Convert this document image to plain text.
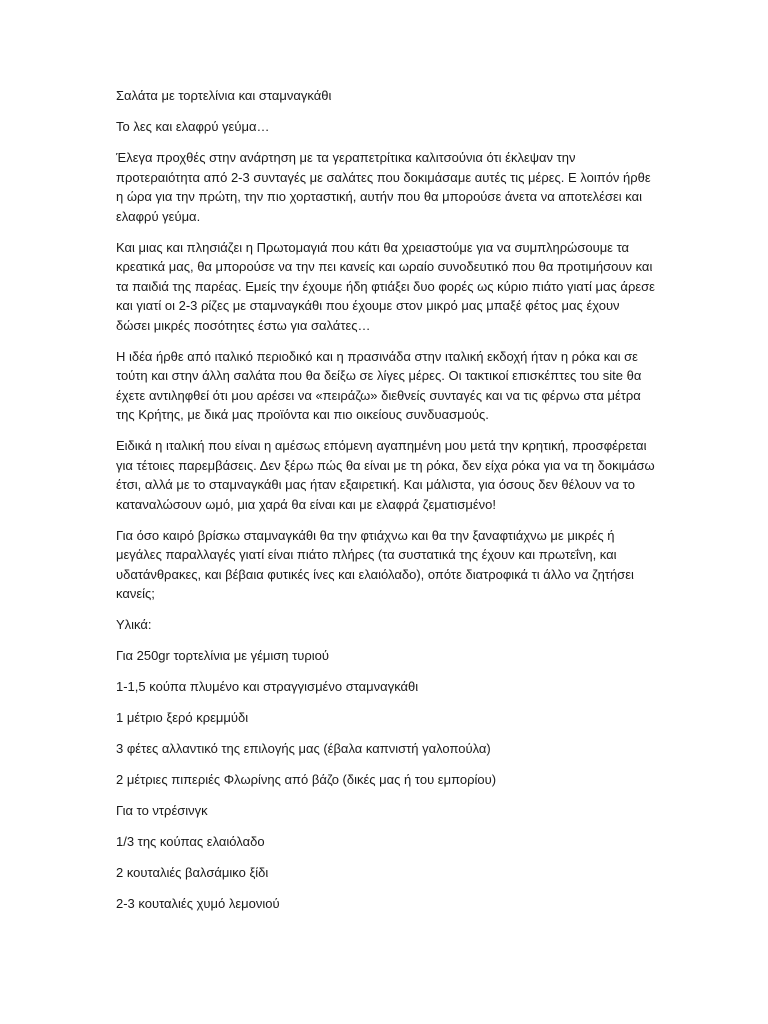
Σαλάτα με τορτελίνια και σταμναγκάθι

Το λες και ελαφρύ γεύμα…

Έλεγα προχθές στην ανάρτηση με τα γεραπετρίτικα καλιτσούνια ότι έκλεψαν την προτεραιότητα από 2-3 συνταγές με σαλάτες που δοκιμάσαμε αυτές τις μέρες. Ε λοιπόν ήρθε η ώρα για την πρώτη, την πιο χορταστική, αυτήν που θα μπορούσε άνετα να αποτελέσει και ελαφρύ γεύμα.

Και μιας και πλησιάζει η Πρωτομαγιά που κάτι θα χρειαστούμε για να συμπληρώσουμε τα κρεατικά μας, θα μπορούσε να την πει κανείς και ωραίο συνοδευτικό που θα προτιμήσουν και τα παιδιά της παρέας. Εμείς την έχουμε ήδη φτιάξει δυο φορές ως κύριο πιάτο γιατί μας άρεσε και γιατί οι 2-3 ρίζες με σταμναγκάθι που έχουμε στον μικρό μας μπαξέ φέτος μας έχουν δώσει μικρές ποσότητες έστω για σαλάτες…

Η ιδέα ήρθε από ιταλικό περιοδικό και η πρασινάδα στην ιταλική εκδοχή ήταν η ρόκα και σε τούτη και στην άλλη σαλάτα που θα δείξω σε λίγες μέρες. Οι τακτικοί επισκέπτες του site θα έχετε αντιληφθεί ότι μου αρέσει να «πειράζω» διεθνείς συνταγές και να τις φέρνω στα μέτρα της Κρήτης, με δικά μας προϊόντα και πιο οικείους συνδυασμούς.

Ειδικά η ιταλική που είναι η αμέσως επόμενη αγαπημένη μου μετά την κρητική, προσφέρεται για τέτοιες παρεμβάσεις. Δεν ξέρω πώς θα είναι με τη ρόκα, δεν είχα ρόκα για να τη δοκιμάσω έτσι, αλλά με το σταμναγκάθι μας ήταν εξαιρετική. Και μάλιστα, για όσους δεν θέλουν να το καταναλώσουν ωμό, μια χαρά θα είναι και με ελαφρά ζεματισμένο!

Για όσο καιρό βρίσκω σταμναγκάθι θα την φτιάχνω και θα την ξαναφτιάχνω με μικρές ή μεγάλες παραλλαγές γιατί είναι πιάτο πλήρες (τα συστατικά της έχουν και πρωτεΐνη, και υδατάνθρακες, και βέβαια φυτικές ίνες και ελαιόλαδο), οπότε διατροφικά τι άλλο να ζητήσει κανείς;

Υλικά:

Για 250gr τορτελίνια με γέμιση τυριού

1-1,5 κούπα πλυμένο και στραγγισμένο σταμναγκάθι

1 μέτριο ξερό κρεμμύδι

3 φέτες αλλαντικό της επιλογής μας (έβαλα καπνιστή γαλοπούλα)

2 μέτριες πιπεριές Φλωρίνης από βάζο (δικές μας ή του εμπορίου)

Για το ντρέσινγκ

1/3 της κούπας ελαιόλαδο

2 κουταλιές βαλσάμικο ξίδι

2-3 κουταλιές χυμό λεμονιού
